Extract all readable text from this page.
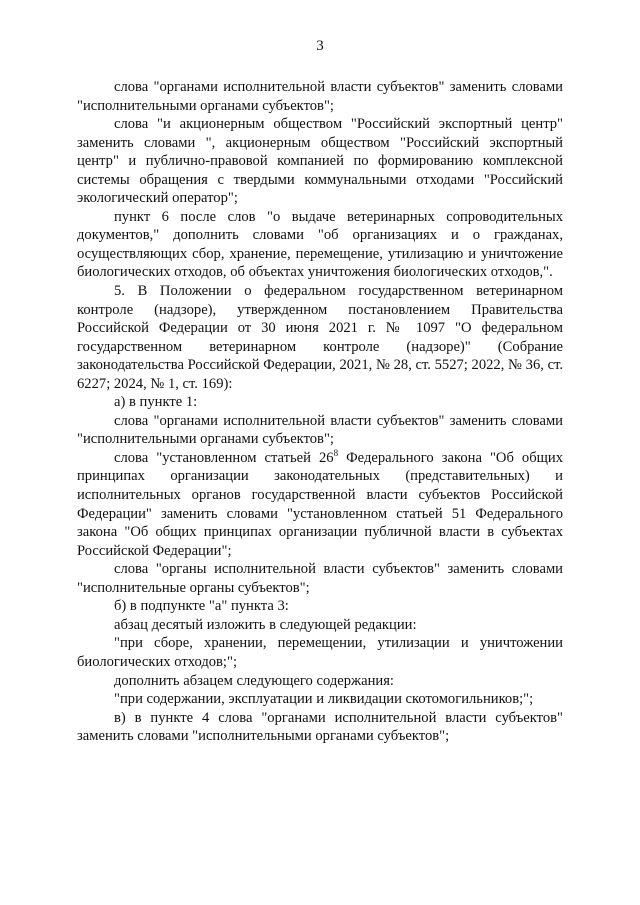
3

слова "органами исполнительной власти субъектов" заменить словами "исполнительными органами субъектов";

слова "и акционерным обществом "Российский экспортный центр" заменить словами ", акционерным обществом "Российский экспортный центр" и публично-правовой компанией по формированию комплексной системы обращения с твердыми коммунальными отходами "Российский экологический оператор";

пункт 6 после слов "о выдаче ветеринарных сопроводительных документов," дополнить словами "об организациях и о гражданах, осуществляющих сбор, хранение, перемещение, утилизацию и уничтожение биологических отходов, об объектах уничтожения биологических отходов,".

5. В Положении о федеральном государственном ветеринарном контроле (надзоре), утвержденном постановлением Правительства Российской Федерации от 30 июня 2021 г. № 1097 "О федеральном государственном ветеринарном контроле (надзоре)" (Собрание законодательства Российской Федерации, 2021, № 28, ст. 5527; 2022, № 36, ст. 6227; 2024, № 1, ст. 169):

а) в пункте 1:

слова "органами исполнительной власти субъектов" заменить словами "исполнительными органами субъектов";

слова "установленном статьей $26^8$ Федерального закона "Об общих принципах организации законодательных (представительных) и исполнительных органов государственной власти субъектов Российской Федерации" заменить словами "установленном статьей 51 Федерального закона "Об общих принципах организации публичной власти в субъектах Российской Федерации";

слова "органы исполнительной власти субъектов" заменить словами "исполнительные органы субъектов";

б) в подпункте "а" пункта 3:

абзац десятый изложить в следующей редакции:

"при сборе, хранении, перемещении, утилизации и уничтожении биологических отходов;";

дополнить абзацем следующего содержания:

"при содержании, эксплуатации и ликвидации скотомогильников;";

в) в пункте 4 слова "органами исполнительной власти субъектов" заменить словами "исполнительными органами субъектов";
